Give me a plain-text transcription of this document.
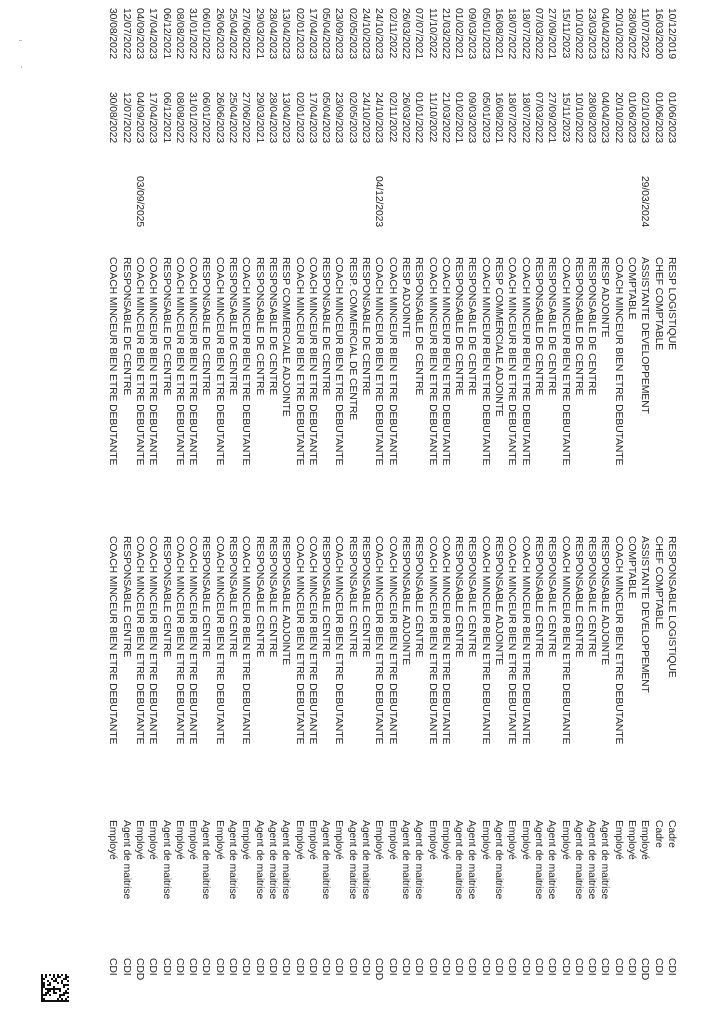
10/12/2019
01/06/2023
RESP LOGISTIQUE
RESPONSABLE LOGISTIQUE
Cadre
CDI
16/03/2020
01/06/2023
CHEF COMPTABLE
CHEF COMPTABLE
Cadre
CDI
11/07/2022
02/10/2023
29/03/2024
ASSISTANTE DEVELOPPEMENT
ASSISTANTE DEVELOPPEMENT
Employé
CDD
28/09/2022
01/06/2023
COMPTABLE
COMPTABLE
Employé
CDI
20/10/2022
20/10/2022
COACH MINCEUR BIEN ETRE DEBUTANTE
COACH MINCEUR BIEN ETRE DEBUTANTE
Employé
CDI
04/04/2023
04/04/2023
RESP ADJOINTE
RESPONSABLE ADJOINTE
Agent de maitrise
CDI
23/03/2023
28/08/2023
RESPONSABLE DE CENTRE
RESPONSABLE CENTRE
Agent de maitrise
CDI
10/10/2022
10/10/2022
RESPONSABLE DE CENTRE
RESPONSABLE CENTRE
Agent de maitrise
CDI
15/11/2023
15/11/2023
COACH MINCEUR BIEN ETRE DEBUTANTE
COACH MINCEUR BIEN ETRE DEBUTANTE
Employé
CDI
27/09/2021
27/09/2021
RESPONSABLE DE CENTRE
RESPONSABLE CENTRE
Agent de maitrise
CDI
07/03/2022
07/03/2022
RESPONSABLE DE CENTRE
RESPONSABLE CENTRE
Agent de maitrise
CDI
18/07/2022
18/07/2022
COACH MINCEUR BIEN ETRE DEBUTANTE
COACH MINCEUR BIEN ETRE DEBUTANTE
Employé
CDI
18/07/2022
18/07/2022
COACH MINCEUR BIEN ETRE DEBUTANTE
COACH MINCEUR BIEN ETRE DEBUTANTE
Employé
CDI
16/08/2021
16/08/2021
RESP COMMERCIALE ADJOINTE
RESPONSABLE ADJOINTE
Agent de maitrise
CDI
05/01/2023
05/01/2023
COACH MINCEUR BIEN ETRE DEBUTANTE
COACH MINCEUR BIEN ETRE DEBUTANTE
Employé
CDI
09/03/2023
09/03/2023
RESPONSABLE DE CENTRE
RESPONSABLE CENTRE
Agent de maitrise
CDI
01/02/2021
01/02/2021
RESPONSABLE DE CENTRE
RESPONSABLE CENTRE
Agent de maitrise
CDI
21/03/2022
21/03/2022
COACH MINCEUR BIEN ETRE DEBUTANTE
COACH MINCEUR BIEN ETRE DEBUTANTE
Employé
CDI
11/10/2022
11/10/2022
COACH MINCEUR BIEN ETRE DEBUTANTE
COACH MINCEUR BIEN ETRE DEBUTANTE
Employé
CDI
07/07/2021
01/01/2022
RESPONSABLE DE CENTRE
RESPONSABLE CENTRE
Agent de maitrise
CDI
26/03/2022
26/03/2022
RESP ADJOINTE
RESPONSABLE ADJOINTE
Agent de maitrise
CDI
02/11/2022
02/11/2022
COACH MINCEUR BIEN ETRE DEBUTANTE
COACH MINCEUR BIEN ETRE DEBUTANTE
Employé
CDI
24/10/2023
24/10/2023
04/12/2023
COACH MINCEUR BIEN ETRE DEBUTANTE
COACH MINCEUR BIEN ETRE DEBUTANTE
Employé
CDD
24/10/2023
24/10/2023
RESPONSABLE DE CENTRE
RESPONSABLE CENTRE
Agent de maitrise
CDI
02/05/2023
02/05/2023
RESP. COMMERCIAL DE CENTRE
RESPONSABLE CENTRE
Agent de maitrise
CDI
23/09/2023
23/09/2023
COACH MINCEUR BIEN ETRE DEBUTANTE
COACH MINCEUR BIEN ETRE DEBUTANTE
Employé
CDI
05/04/2023
05/04/2023
RESPONSABLE DE CENTRE
RESPONSABLE CENTRE
Agent de maitrise
CDI
17/04/2023
17/04/2023
COACH MINCEUR BIEN ETRE DEBUTANTE
COACH MINCEUR BIEN ETRE DEBUTANTE
Employé
CDI
02/01/2023
02/01/2023
COACH MINCEUR BIEN ETRE DEBUTANTE
COACH MINCEUR BIEN ETRE DEBUTANTE
Employé
CDI
13/04/2023
13/04/2023
RESP COMMERCIALE ADJOINTE
RESPONSABLE ADJOINTE
Agent de maitrise
CDI
28/04/2023
28/04/2023
RESPONSABLE DE CENTRE
RESPONSABLE CENTRE
Agent de maitrise
CDI
29/03/2021
29/03/2021
RESPONSABLE DE CENTRE
RESPONSABLE CENTRE
Agent de maitrise
CDI
27/06/2022
27/06/2022
COACH MINCEUR BIEN ETRE DEBUTANTE
COACH MINCEUR BIEN ETRE DEBUTANTE
Employé
CDI
25/04/2022
25/04/2022
RESPONSABLE DE CENTRE
RESPONSABLE CENTRE
Agent de maitrise
CDI
26/06/2023
26/06/2023
COACH MINCEUR BIEN ETRE DEBUTANTE
COACH MINCEUR BIEN ETRE DEBUTANTE
Employé
CDI
06/01/2022
06/01/2022
RESPONSABLE DE CENTRE
RESPONSABLE CENTRE
Agent de maitrise
CDI
31/01/2022
31/01/2022
COACH MINCEUR BIEN ETRE DEBUTANTE
COACH MINCEUR BIEN ETRE DEBUTANTE
Employé
CDI
08/08/2022
08/08/2022
COACH MINCEUR BIEN ETRE DEBUTANTE
COACH MINCEUR BIEN ETRE DEBUTANTE
Employé
CDI
06/12/2021
06/12/2021
RESPONSABLE DE CENTRE
RESPONSABLE CENTRE
Agent de maitrise
CDI
17/04/2023
17/04/2023
COACH MINCEUR BIEN ETRE DEBUTANTE
COACH MINCEUR BIEN ETRE DEBUTANTE
Employé
CDI
04/09/2023
04/09/2023
03/09/2025
COACH MINCEUR BIEN ETRE DEBUTANTE
COACH MINCEUR BIEN ETRE DEBUTANTE
Employé
CDD
12/07/2022
12/07/2022
RESPONSABLE DE CENTRE
RESPONSABLE CENTRE
Agent de maitrise
CDI
30/08/2022
30/08/2022
COACH MINCEUR BIEN ETRE DEBUTANTE
COACH MINCEUR BIEN ETRE DEBUTANTE
Employé
CDI
